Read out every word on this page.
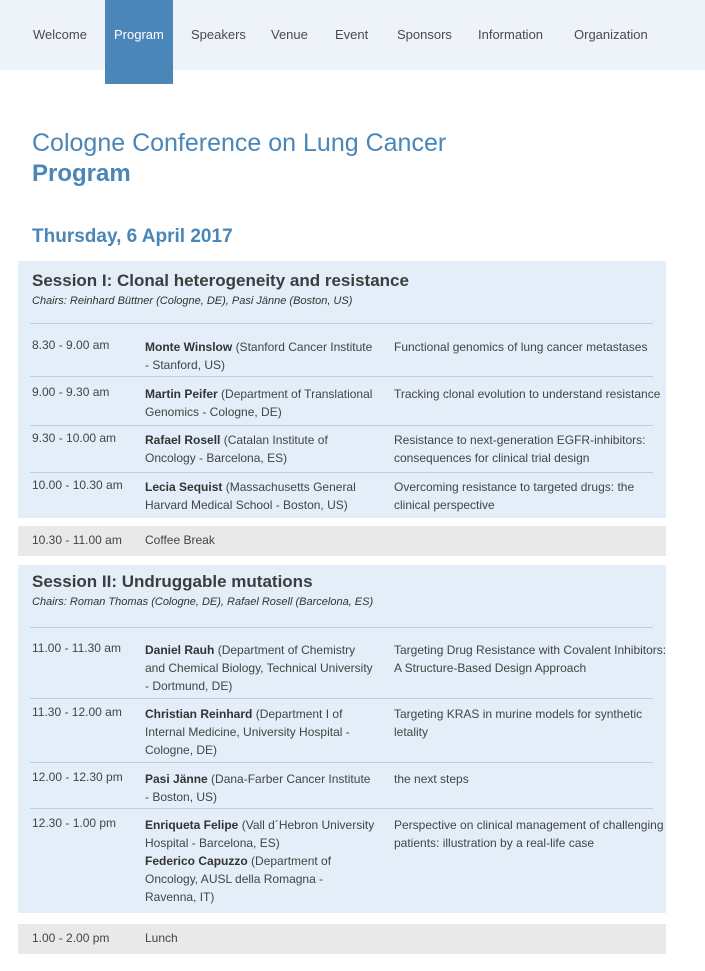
Welcome	Program	Speakers	Venue	Event	Sponsors	Information	Organization
Cologne Conference on Lung Cancer
Program
Thursday, 6 April 2017
Session I: Clonal heterogeneity and resistance
Chairs: Reinhard Büttner (Cologne, DE), Pasi Jänne (Boston, US)
8.30 - 9.00 am	Monte Winslow (Stanford Cancer Institute - Stanford, US)
Functional genomics of lung cancer metastases
9.00 - 9.30 am	Martin Peifer (Department of Translational Genomics - Cologne, DE)
Tracking clonal evolution to understand resistance
9.30 - 10.00 am Rafael Rosell (Catalan Institute of Oncology - Barcelona, ES)
Resistance to next-generation EGFR-inhibitors: consequences for clinical trial design
10.00 - 10.30 am Lecia Sequist (Massachusetts General Harvard Medical School - Boston, US)
Overcoming resistance to targeted drugs: the clinical perspective
10.30 - 11.00 am Coffee Break
Session II: Undruggable mutations
Chairs: Roman Thomas (Cologne, DE), Rafael Rosell (Barcelona, ES)
11.00 - 11.30 am Daniel Rauh (Department of Chemistry and Chemical Biology, Technical University - Dortmund, DE)
Targeting Drug Resistance with Covalent Inhibitors: A Structure-Based Design Approach
11.30 - 12.00 am Christian Reinhard (Department I of Internal Medicine, University Hospital - Cologne, DE)
Targeting KRAS in murine models for synthetic letality
12.00 - 12.30 pm Pasi Jänne (Dana-Farber Cancer Institute - Boston, US)
the next steps
12.30 - 1.00 pm Enriqueta Felipe (Vall d´Hebron University Hospital - Barcelona, ES)
Federico Capuzzo (Department of Oncology, AUSL della Romagna - Ravenna, IT)
Perspective on clinical management of challenging patients: illustration by a real-life case
1.00 - 2.00 pm	Lunch
